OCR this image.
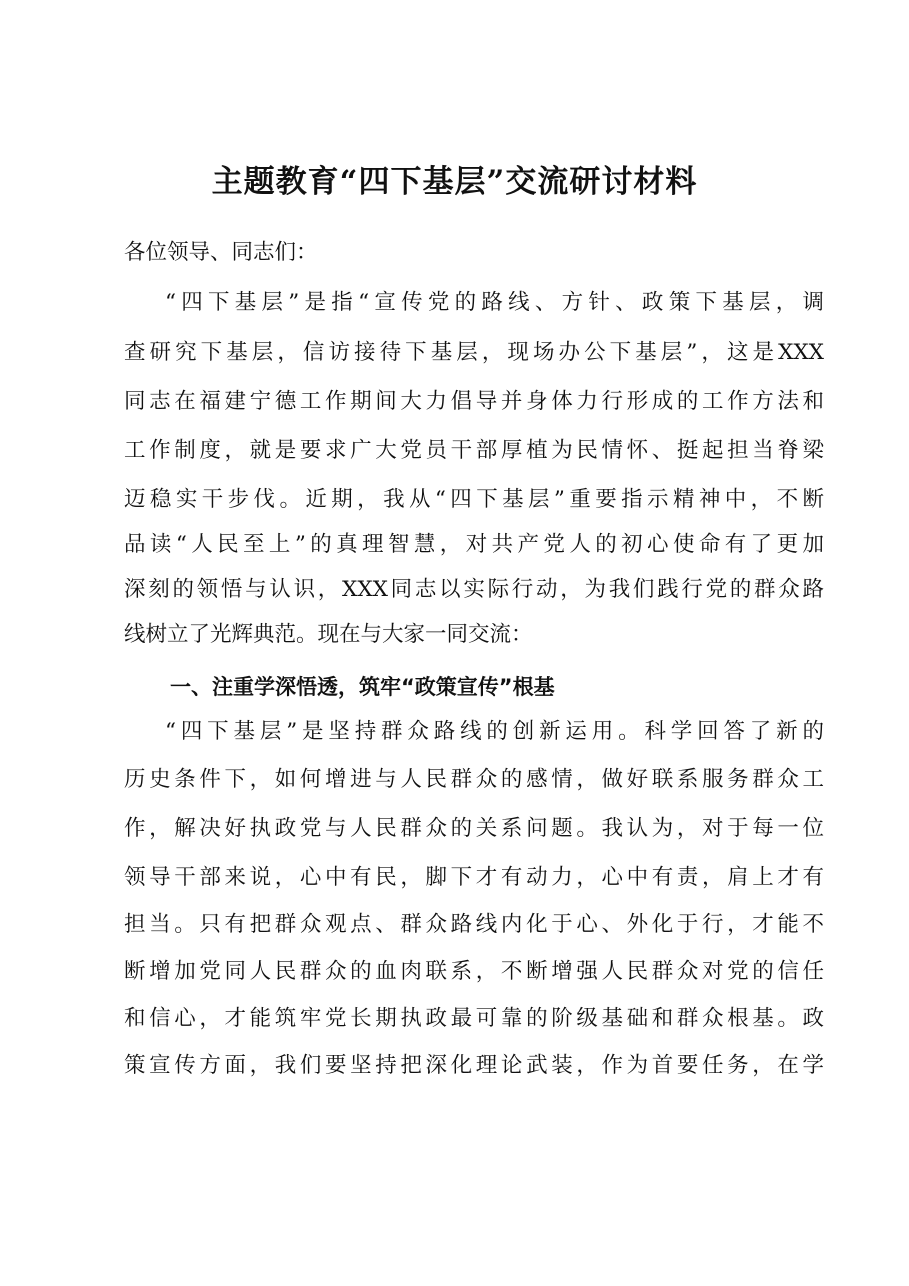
主题教育“四下基层”交流研讨材料
各位领导、同志们：
“四下基层”是指“宣传党的路线、方针、政策下基层，调
查研究下基层，信访接待下基层，现场办公下基层”，这是XXX
同志在福建宁德工作期间大力倡导并身体力行形成的工作方法和
工作制度，就是要求广大党员干部厚植为民情怀、挺起担当脊梁
迈稳实干步伐。近期，我从“四下基层”重要指示精神中，不断
品读“人民至上”的真理智慧，对共产党人的初心使命有了更加
深刻的领悟与认识，XXX同志以实际行动，为我们践行党的群众路
线树立了光辉典范。现在与大家一同交流：
一、注重学深悟透，筑牢“政策宣传”根基
“四下基层”是坚持群众路线的创新运用。科学回答了新的
历史条件下，如何增进与人民群众的感情，做好联系服务群众工
作，解决好执政党与人民群众的关系问题。我认为，对于每一位
领导干部来说，心中有民，脚下才有动力，心中有责，肩上才有
担当。只有把群众观点、群众路线内化于心、外化于行，才能不
断增加党同人民群众的血肉联系，不断增强人民群众对党的信任
和信心，才能筑牢党长期执政最可靠的阶级基础和群众根基。政
策宣传方面，我们要坚持把深化理论武装，作为首要任务，在学
